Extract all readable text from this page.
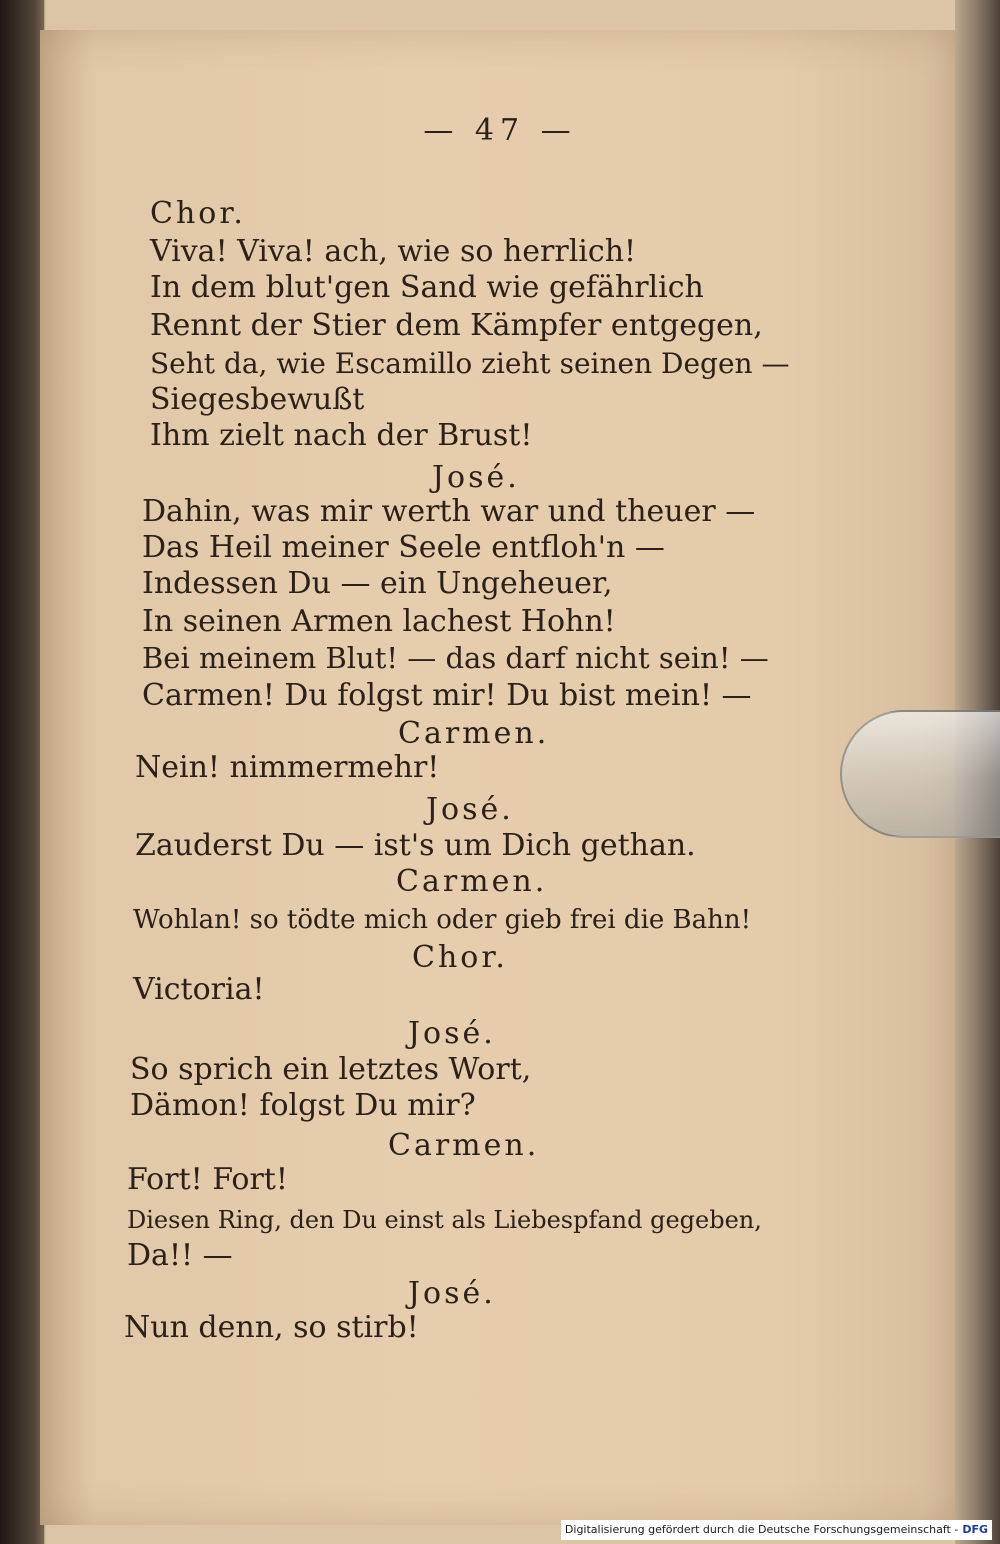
— 47 —
Chor.
Viva! Viva! ach, wie so herrlich!
In dem blut'gen Sand wie gefährlich
Rennt der Stier dem Kämpfer entgegen,
Seht da, wie Escamillo zieht seinen Degen —
Siegesbewußt
Ihm zielt nach der Brust!
José.
Dahin, was mir werth war und theuer —
Das Heil meiner Seele entfloh'n —
Indessen Du — ein Ungeheuer,
In seinen Armen lachest Hohn!
Bei meinem Blut! — das darf nicht sein! —
Carmen! Du folgst mir! Du bist mein! —
Carmen.
Nein! nimmermehr!
José.
Zauderst Du — ist's um Dich gethan.
Carmen.
Wohlan! so tödte mich oder gieb frei die Bahn!
Chor.
Victoria!
José.
So sprich ein letztes Wort,
Dämon! folgst Du mir?
Carmen.
Fort! Fort!
Diesen Ring, den Du einst als Liebespfand gegeben,
Da!! —
José.
Nun denn, so stirb!
Digitalisierung gefördert durch die Deutsche Forschungsgemeinschaft - DFG
